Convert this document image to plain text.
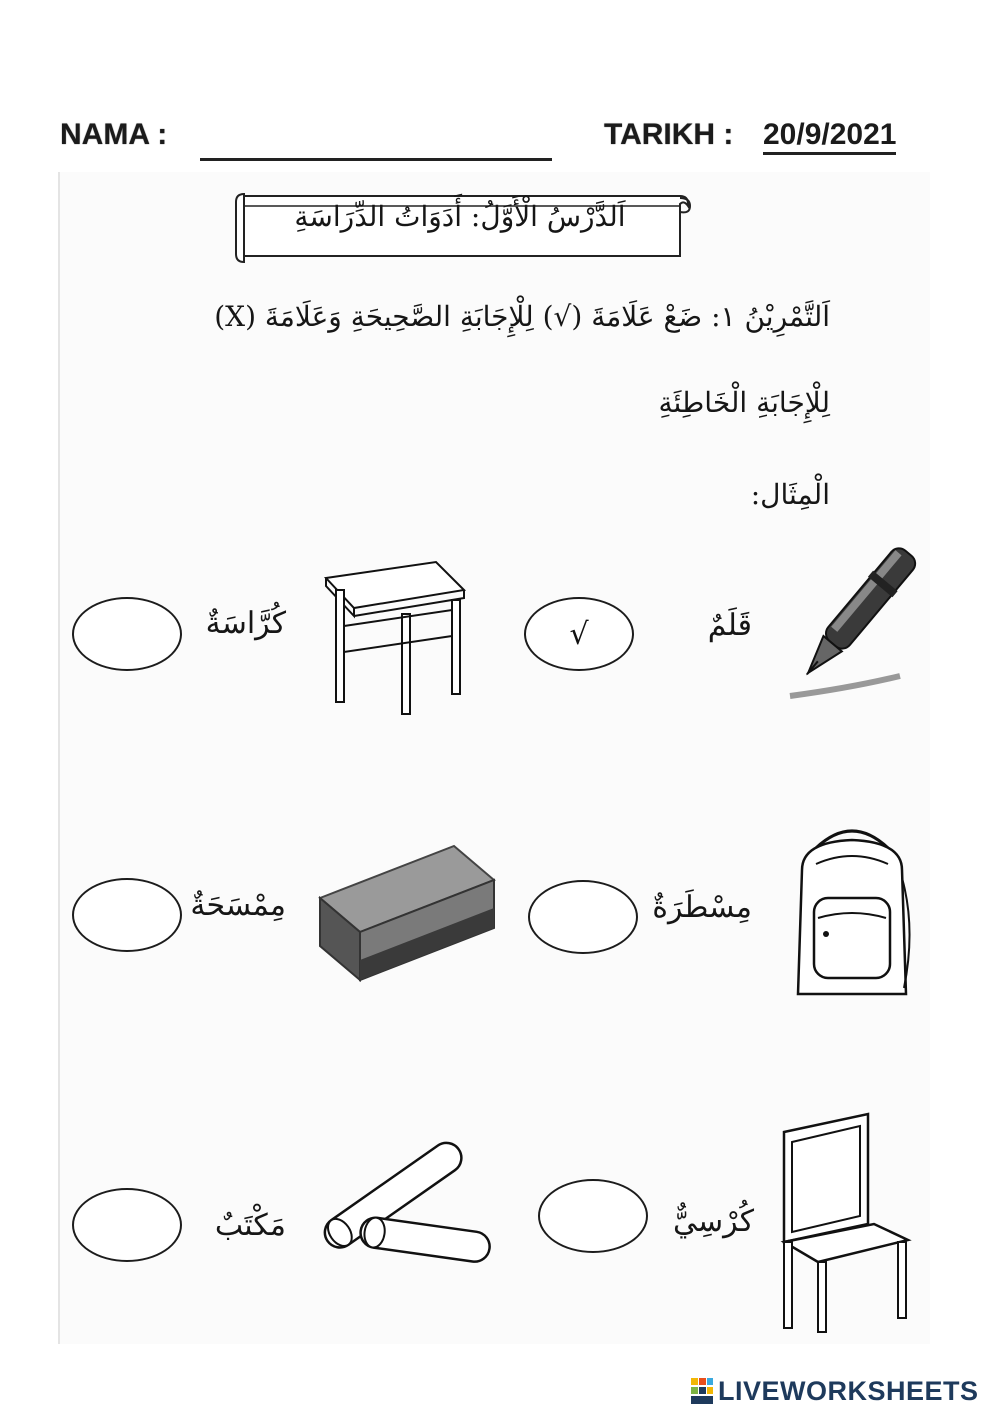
NAMA :	TARIKH : 20/9/2021
اَلدَّرْسُ الْأَوَّلُ: أَدَوَاتُ الدِّرَاسَةِ
اَلتَّمْرِيْنُ ١: ضَعْ عَلَامَةَ (√) لِلْإِجَابَةِ الصَّحِيحَةِ وَعَلَامَةَ (X)
لِلْإِجَابَةِ الْخَاطِئَةِ
الْمِثَال:
قَلَمٌ
√
كُرَّاسَةٌ
مِسْطَرَةٌ
مِمْسَحَةٌ
كُرْسِيٌّ
مَكْتَبٌ
LIVEWORKSHEETS
